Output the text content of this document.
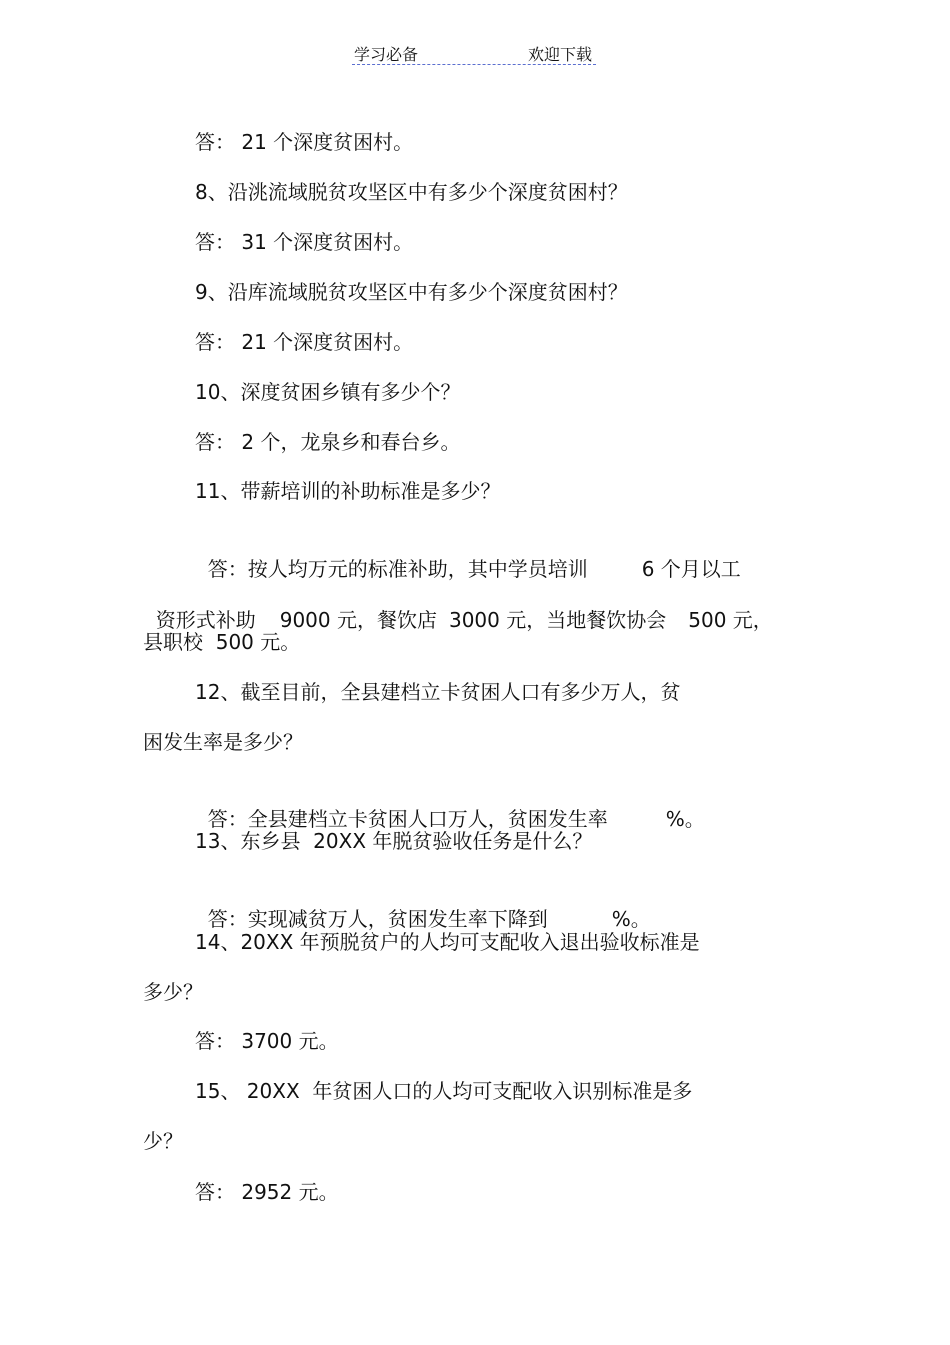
学习必备	欢迎下载
答： 21 个深度贫困村。
8、沿洮流域脱贫攻坚区中有多少个深度贫困村？
答： 31 个深度贫困村。
9、沿库流域脱贫攻坚区中有多少个深度贫困村？
答： 21 个深度贫困村。
10、深度贫困乡镇有多少个？
答： 2 个，龙泉乡和春台乡。
11、带薪培训的补助标准是多少？

答：按人均万元的标准补助，其中学员培训	6 个月以工

资形式补助 9000 元，餐饮店 3000 元，当地餐饮协会 500 元，

县职校  500 元。
12、截至目前，全县建档立卡贫困人口有多少万人，贫
困发生率是多少？

答：全县建档立卡贫困人口万人，贫困发生率	%。

13、东乡县  20XX 年脱贫验收任务是什么？

答：实现减贫万人，贫困发生率下降到	%。

14、20XX 年预脱贫户的人均可支配收入退出验收标准是
多少？
答： 3700 元。
15、 20XX  年贫困人口的人均可支配收入识别标准是多
少？
答： 2952 元。
